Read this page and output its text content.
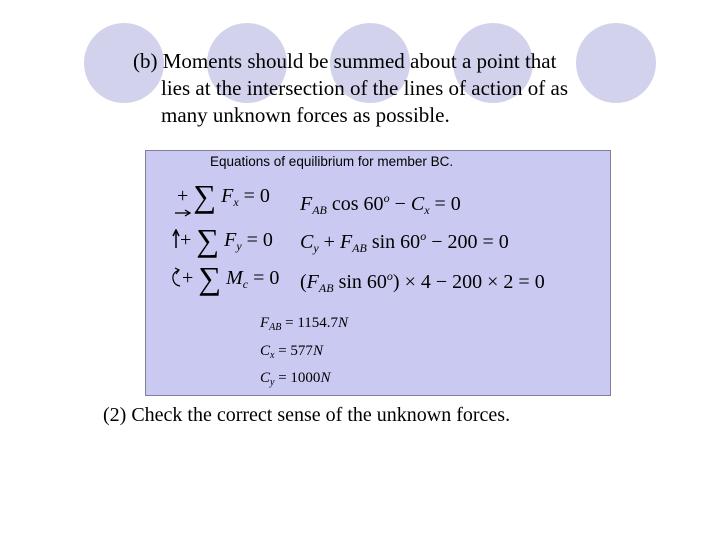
(b) Moments should be summed about a point that
lies at the intersection of the lines of action of as
many unknown forces as possible.
Equations of equilibrium for member BC.
+ ∑ $F_x = 0$
+ ∑ $F_y = 0$
+ ∑ $M_c = 0$
$F_{AB}$ $\cos 60^o - C_x = 0$
$C_y + F_{AB}$ $\sin 60^o - 200 = 0$
($F_{AB}$ $\sin 60^o) \times 4 - 200 \times 2 = 0$
$F_{AB} = 1154.7N$
$C_x = 577N$
$C_y = 1000N$
(2) Check the correct sense of the unknown forces.
